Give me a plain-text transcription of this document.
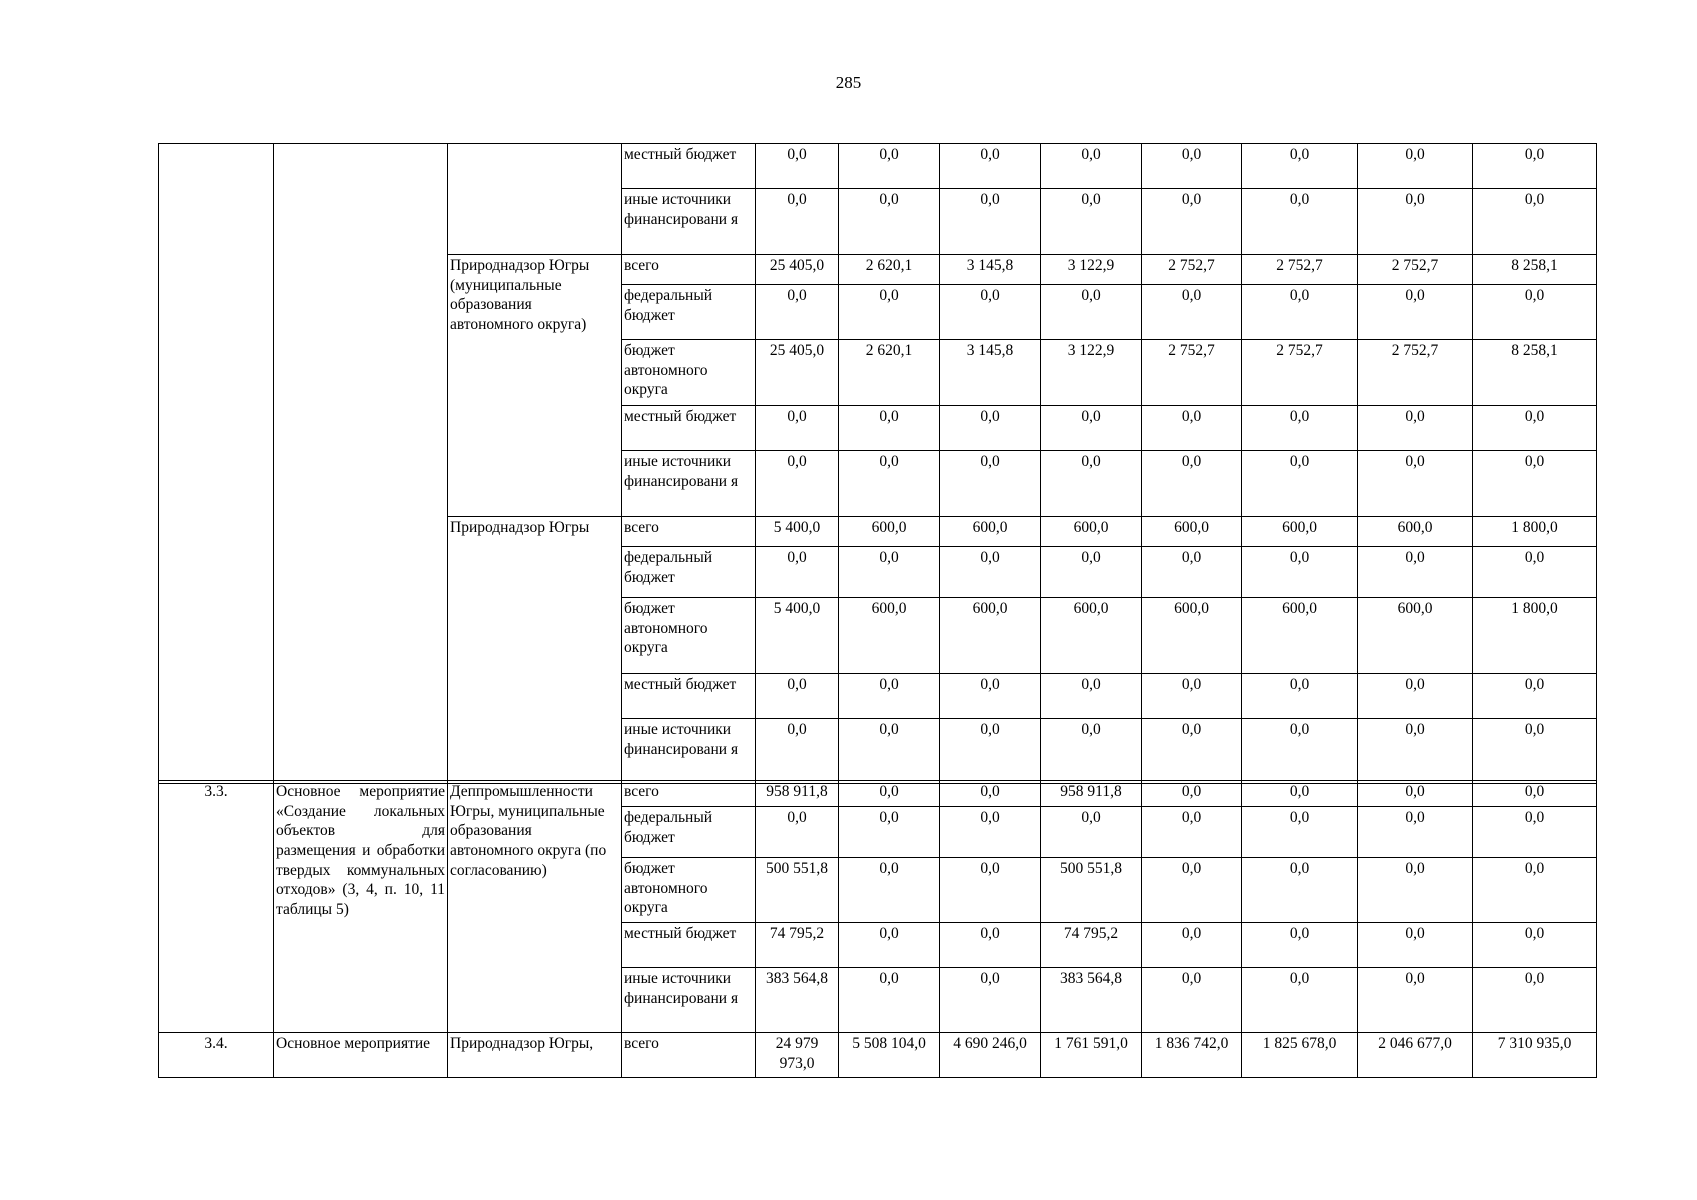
285
			местный бюджет	0,0	0,0	0,0	0,0	0,0	0,0	0,0	0,0
			иные источники финансировани я	0,0	0,0	0,0	0,0	0,0	0,0	0,0	0,0
		Природнадзор Югры (муниципальные образования автономного округа)	всего	25 405,0	2 620,1	3 145,8	3 122,9	2 752,7	2 752,7	2 752,7	8 258,1
			федеральный бюджет	0,0	0,0	0,0	0,0	0,0	0,0	0,0	0,0
			бюджет автономного округа	25 405,0	2 620,1	3 145,8	3 122,9	2 752,7	2 752,7	2 752,7	8 258,1
			местный бюджет	0,0	0,0	0,0	0,0	0,0	0,0	0,0	0,0
			иные источники финансировани я	0,0	0,0	0,0	0,0	0,0	0,0	0,0	0,0
		Природнадзор Югры	всего	5 400,0	600,0	600,0	600,0	600,0	600,0	600,0	1 800,0
			федеральный бюджет	0,0	0,0	0,0	0,0	0,0	0,0	0,0	0,0
			бюджет автономного округа	5 400,0	600,0	600,0	600,0	600,0	600,0	600,0	1 800,0
			местный бюджет	0,0	0,0	0,0	0,0	0,0	0,0	0,0	0,0
			иные источники финансировани я	0,0	0,0	0,0	0,0	0,0	0,0	0,0	0,0
3.3.	Основное мероприятие «Создание локальных объектов для размещения и обработки твердых коммунальных отходов» (3, 4, п. 10, 11 таблицы 5)	Деппромышленности Югры, муниципальные образования автономного округа (по согласованию)	всего	958 911,8	0,0	0,0	958 911,8	0,0	0,0	0,0	0,0
			федеральный бюджет	0,0	0,0	0,0	0,0	0,0	0,0	0,0	0,0
			бюджет автономного округа	500 551,8	0,0	0,0	500 551,8	0,0	0,0	0,0	0,0
			местный бюджет	74 795,2	0,0	0,0	74 795,2	0,0	0,0	0,0	0,0
			иные источники финансировани я	383 564,8	0,0	0,0	383 564,8	0,0	0,0	0,0	0,0
3.4.	Основное мероприятие	Природнадзор Югры,	всего	24 979 973,0	5 508 104,0	4 690 246,0	1 761 591,0	1 836 742,0	1 825 678,0	2 046 677,0	7 310 935,0
